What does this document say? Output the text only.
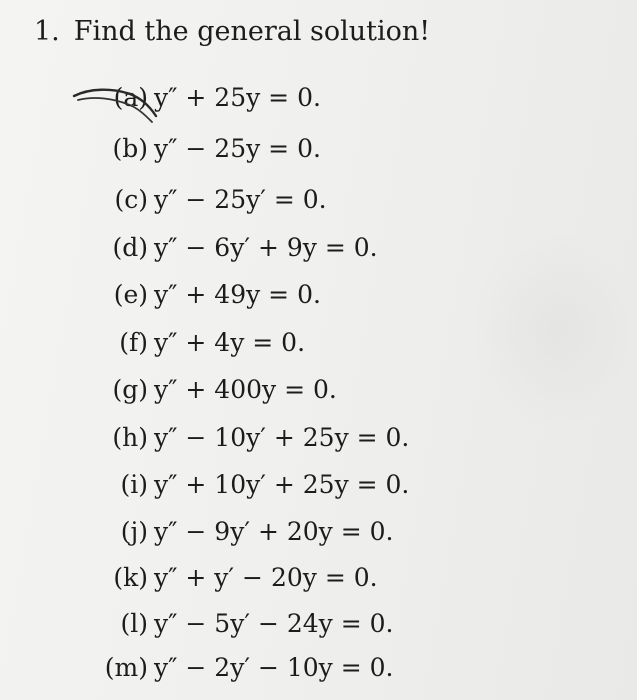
1. Find the general solution!
(a) y″ + 25y = 0.
(b) y″ − 25y = 0.
(c) y″ − 25y′ = 0.
(d) y″ − 6y′ + 9y = 0.
(e) y″ + 49y = 0.
(f) y″ + 4y = 0.
(g) y″ + 400y = 0.
(h) y″ − 10y′ + 25y = 0.
(i) y″ + 10y′ + 25y = 0.
(j) y″ − 9y′ + 20y = 0.
(k) y″ + y′ − 20y = 0.
(l) y″ − 5y′ − 24y = 0.
(m) y″ − 2y′ − 10y = 0.
